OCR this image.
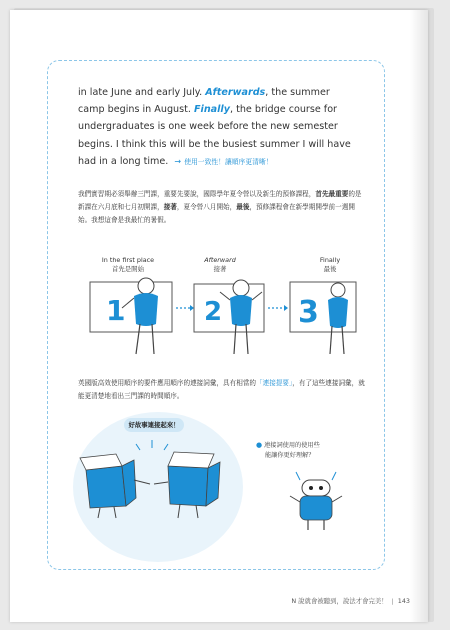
in late June and early July. Afterwards, the summer
camp begins in August. Finally, the bridge course for
undergraduates is one week before the new semester
begins. I think this will be the busiest summer I will have
had in a long time. → 使用一致性！讓順序更清晰！
我們實習期必須舉辦三門課，重要先要說，國際學年夏令營以及新生的預修課程，首先最重要的是新課在六月底和七月初開課，接著，夏令營八月開始，最後，預修課程會在新學期開學前一週開始。我想這會是我最忙的暑假。
In the first place
首先是開始
Afterward
接著
Finally
最後
1	2	3
英國版高效使用順序的要件應用順序的連接詞彙，具有相當的「連接提要」，有了這些連接詞彙，就能更清楚地看出三門課的時間順序。
好故事連接起來！
● 連接詞使用的使用些
能讓你更好理解？
N 說就會被聽到，說法才會完美！ | 143
